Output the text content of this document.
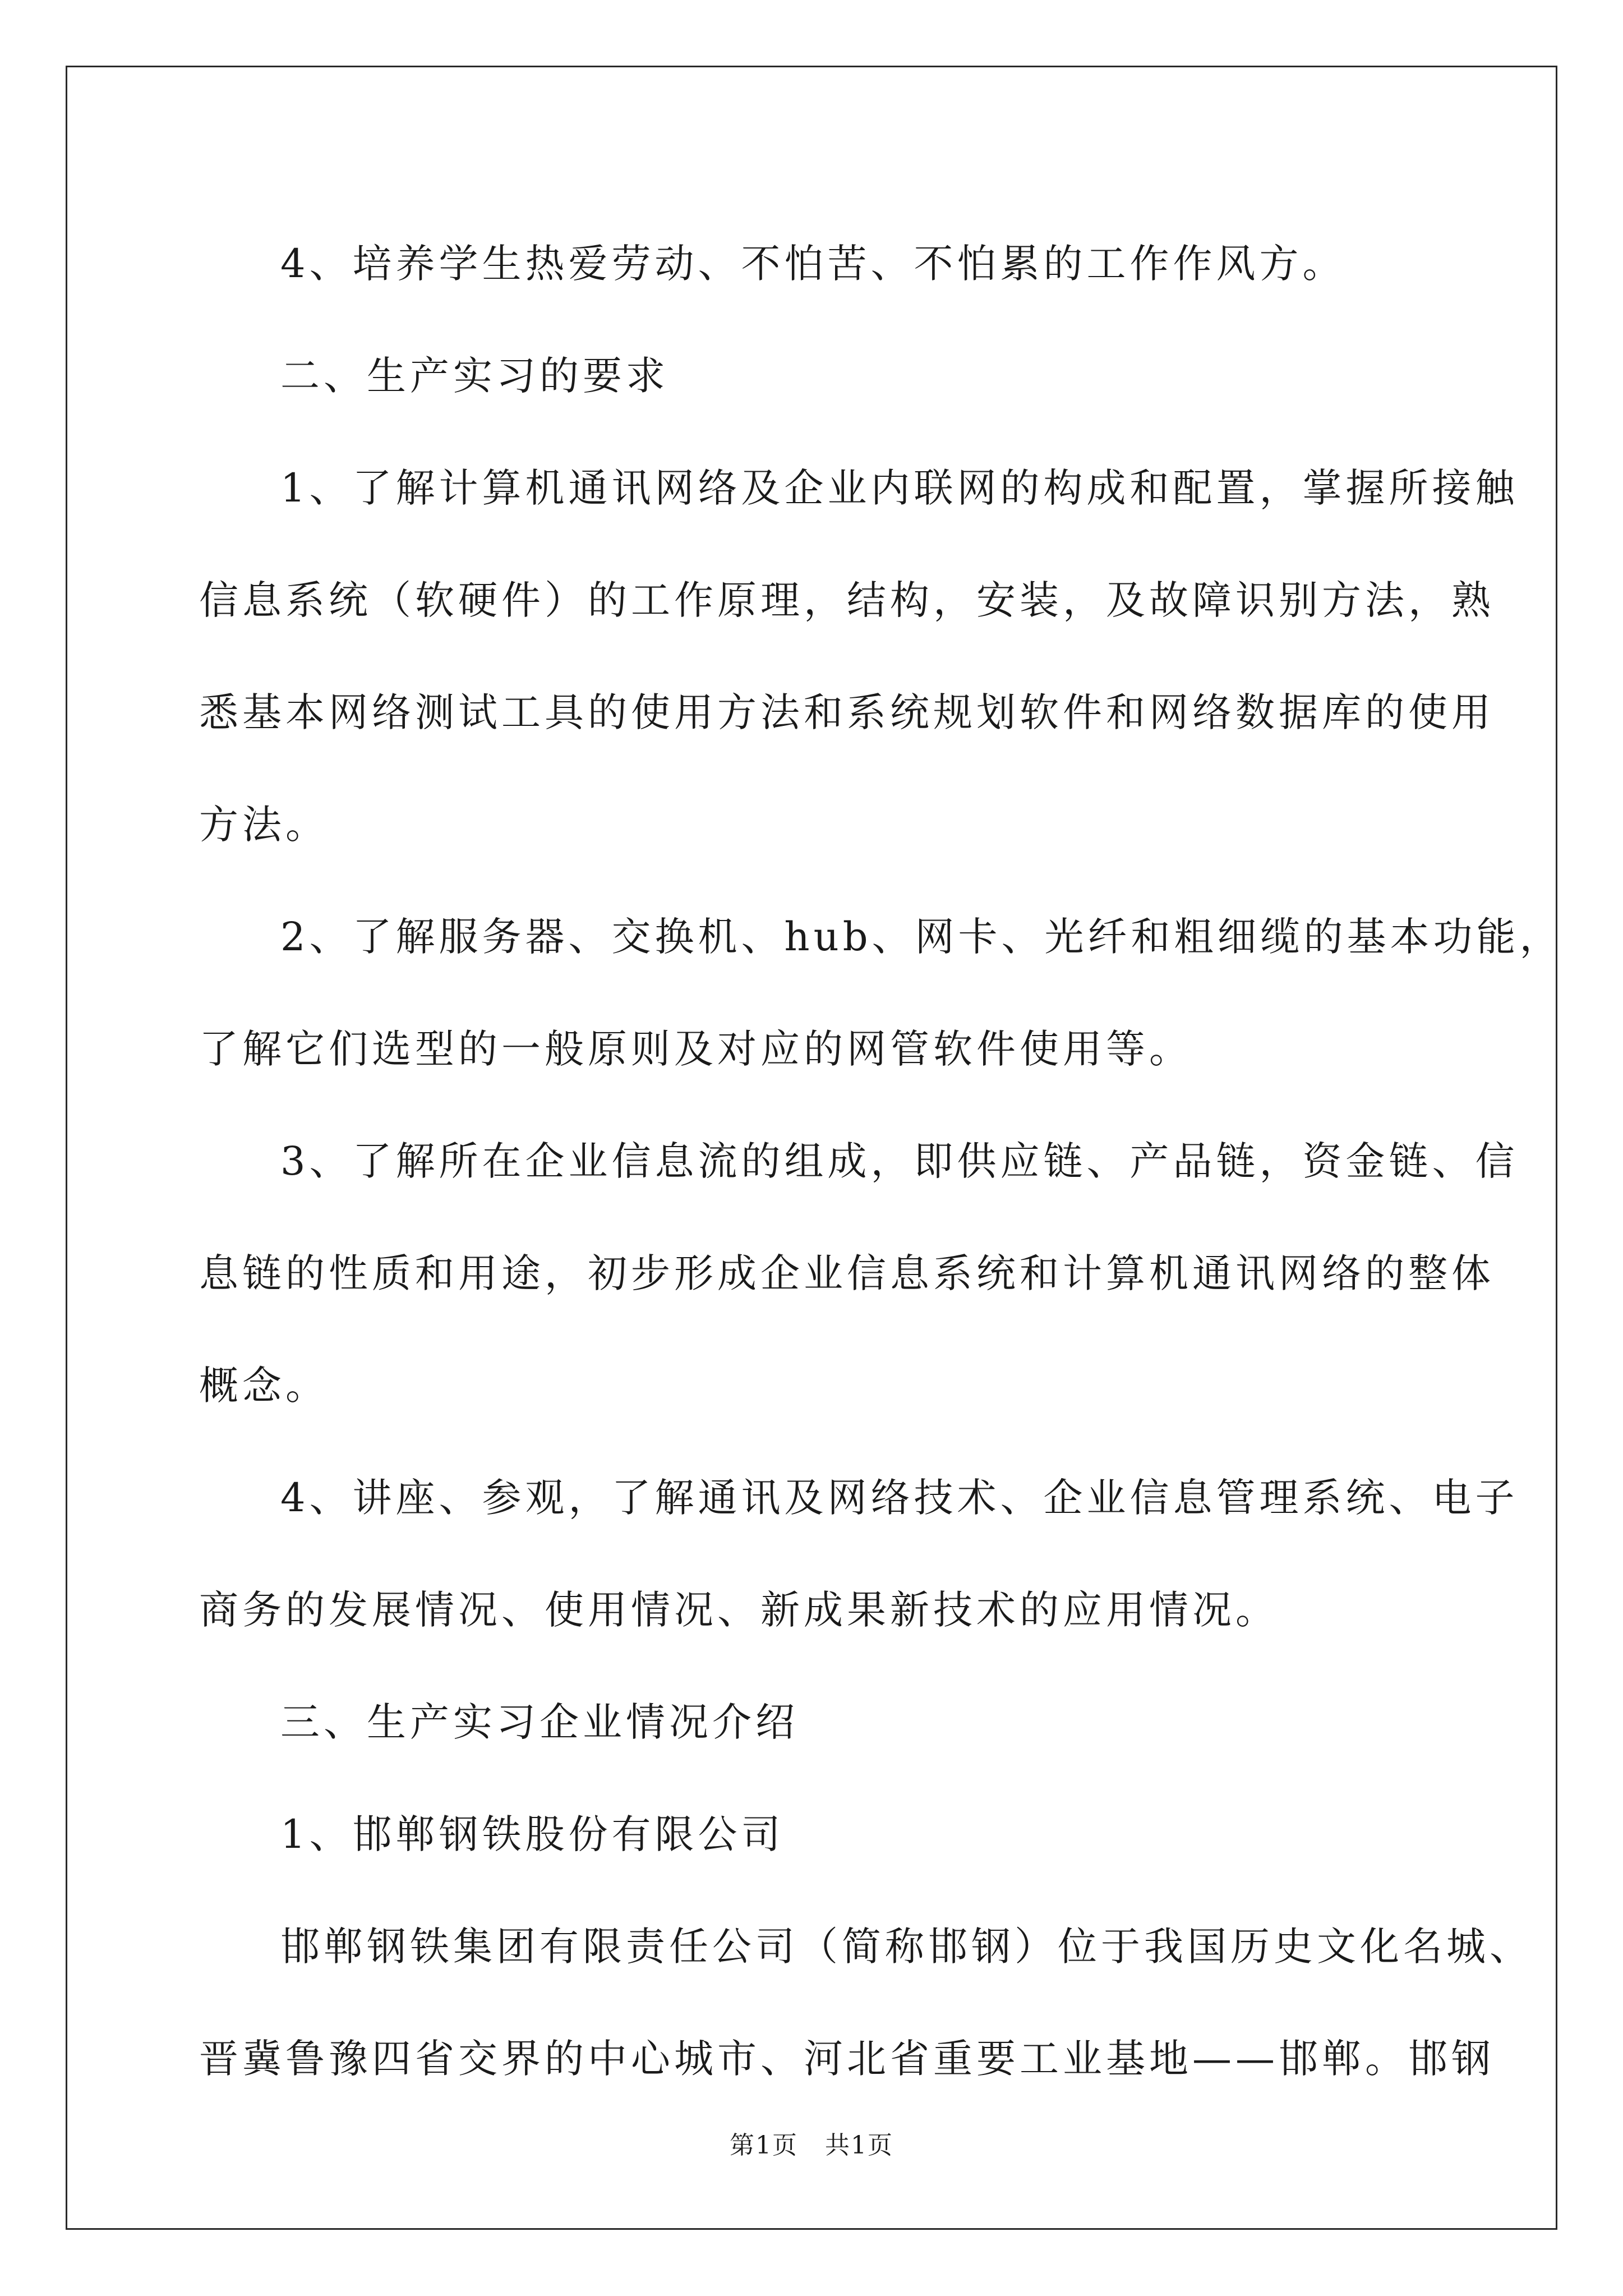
4、培养学生热爱劳动、不怕苦、不怕累的工作作风方。
二、生产实习的要求
1、了解计算机通讯网络及企业内联网的构成和配置，掌握所接触
信息系统（软硬件）的工作原理，结构，安装，及故障识别方法，熟
悉基本网络测试工具的使用方法和系统规划软件和网络数据库的使用
方法。
2、了解服务器、交换机、hub、网卡、光纤和粗细缆的基本功能，
了解它们选型的一般原则及对应的网管软件使用等。
3、了解所在企业信息流的组成，即供应链、产品链，资金链、信
息链的性质和用途，初步形成企业信息系统和计算机通讯网络的整体
概念。
4、讲座、参观，了解通讯及网络技术、企业信息管理系统、电子
商务的发展情况、使用情况、新成果新技术的应用情况。
三、生产实习企业情况介绍
1、邯郸钢铁股份有限公司
邯郸钢铁集团有限责任公司（简称邯钢）位于我国历史文化名城、
晋冀鲁豫四省交界的中心城市、河北省重要工业基地——邯郸。邯钢
第1页 共1页
